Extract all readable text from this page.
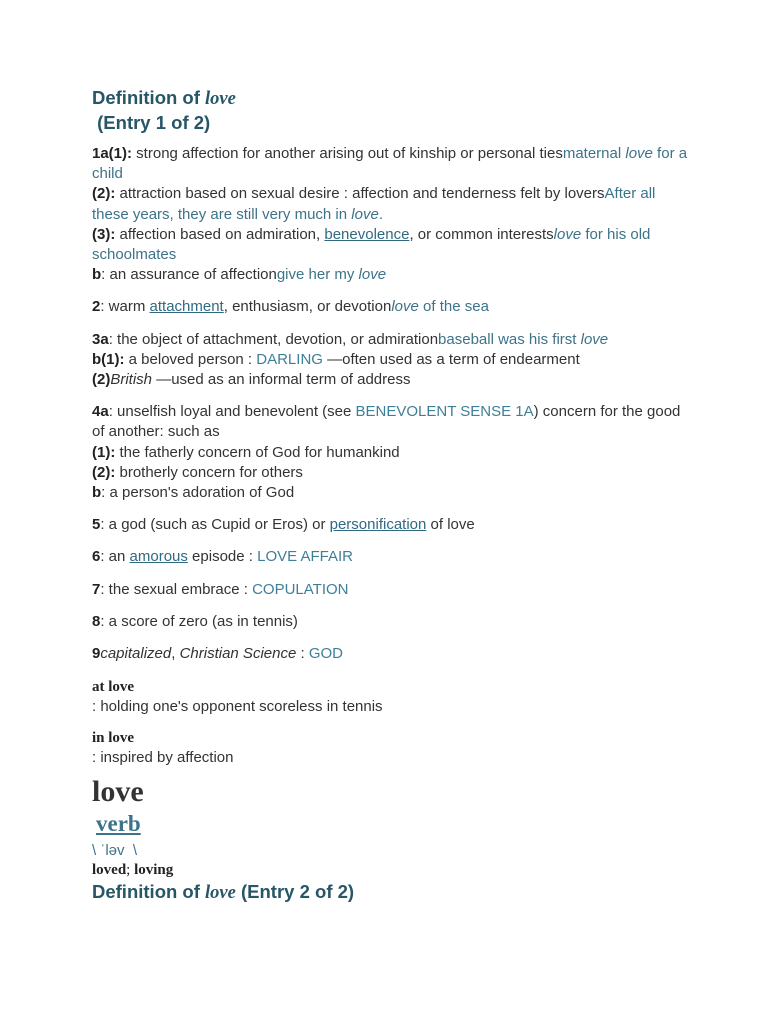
Definition of love

(Entry 1 of 2)

1a(1): strong affection for another arising out of kinship or personal tiesmaternal love for a child

(2): attraction based on sexual desire : affection and tenderness felt by loversAfter all these years, they are still very much in love.

(3): affection based on admiration, benevolence, or common interestslove for his old schoolmates

b: an assurance of affectiongive her my love

2: warm attachment, enthusiasm, or devotionlove of the sea

3a: the object of attachment, devotion, or admirationbaseball was his first love

b(1): a beloved person : DARLING —often used as a term of endearment

(2)British —used as an informal term of address

4a: unselfish loyal and benevolent (see BENEVOLENT SENSE 1A) concern for the good of another: such as

(1): the fatherly concern of God for humankind

(2): brotherly concern for others

b: a person's adoration of God

5: a god (such as Cupid or Eros) or personification of love

6: an amorous episode : LOVE AFFAIR

7: the sexual embrace : COPULATION

8: a score of zero (as in tennis)

9capitalized, Christian Science : GOD

at love

: holding one's opponent scoreless in tennis

in love

: inspired by affection

love

verb

\ ˈləv  \

loved; loving

Definition of love (Entry 2 of 2)
